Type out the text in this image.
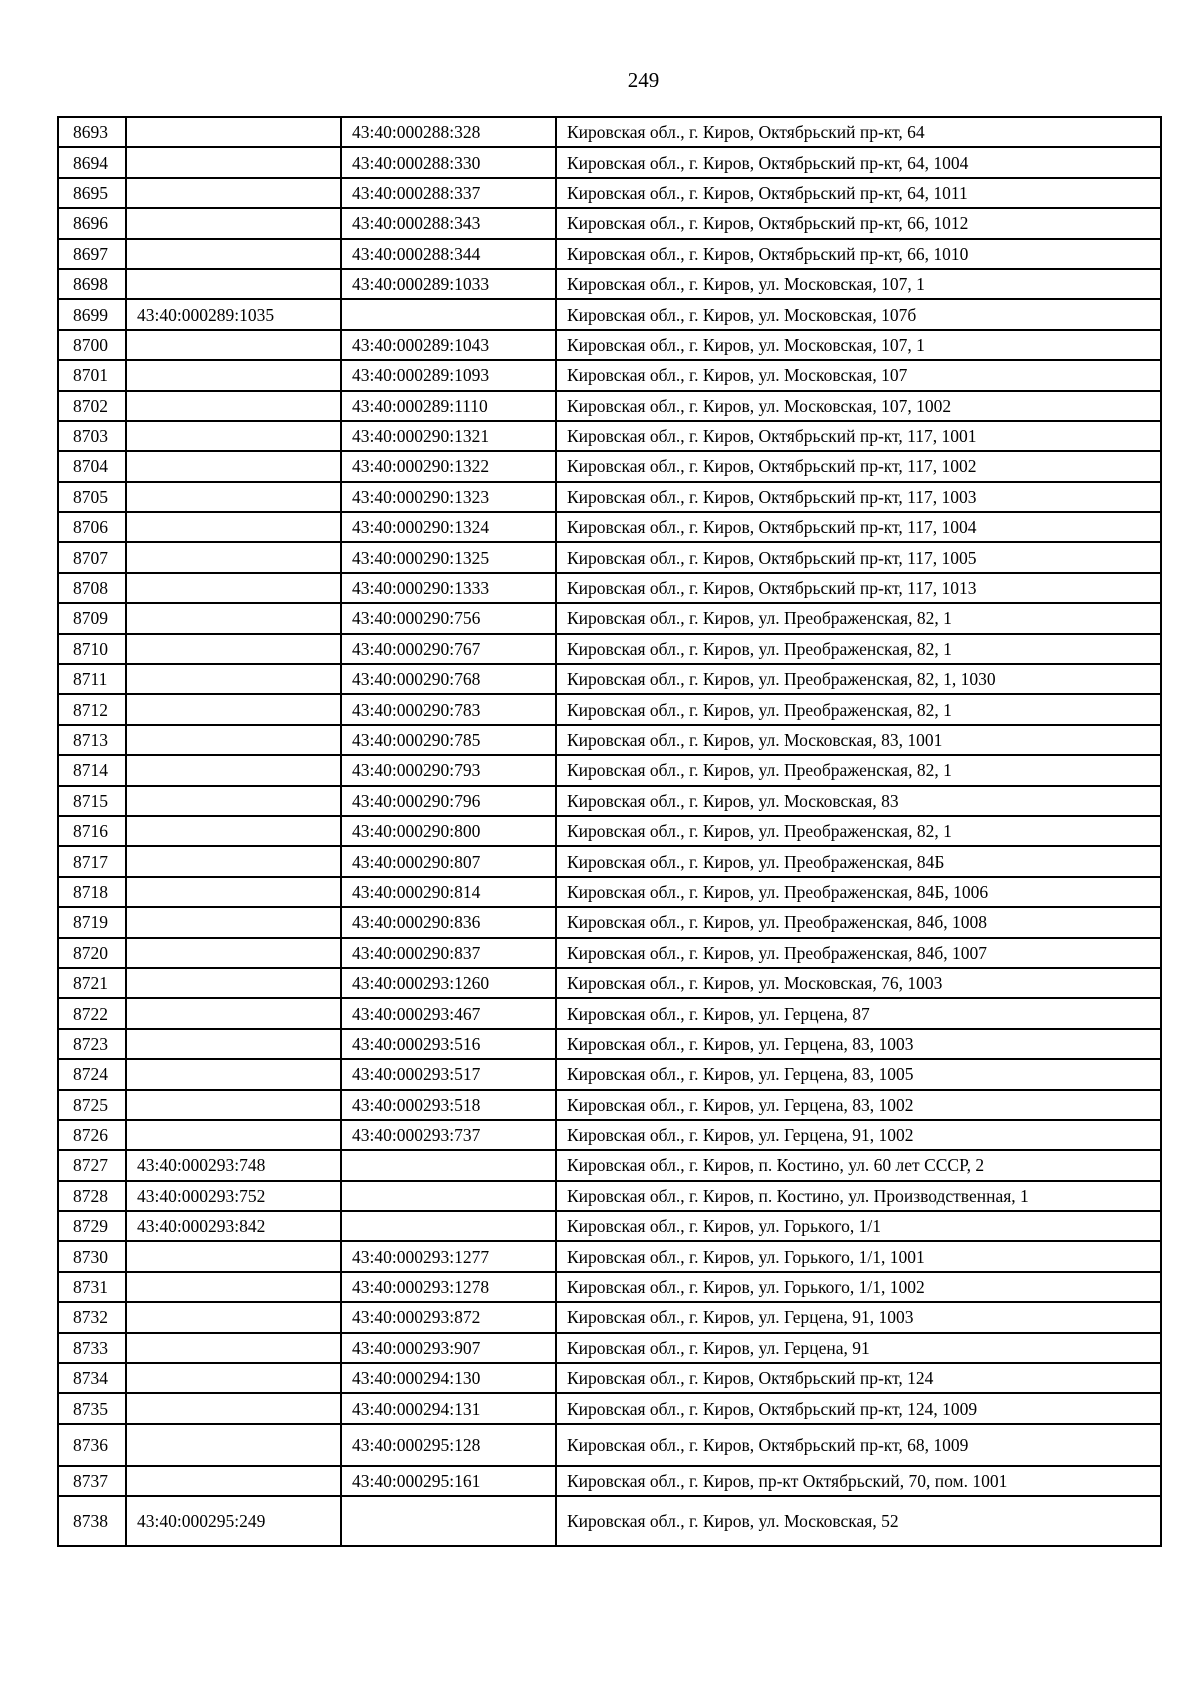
249
8693		43:40:000288:328	Кировская обл., г. Киров, Октябрьский пр-кт, 64
8694		43:40:000288:330	Кировская обл., г. Киров, Октябрьский пр-кт, 64, 1004
8695		43:40:000288:337	Кировская обл., г. Киров, Октябрьский пр-кт, 64, 1011
8696		43:40:000288:343	Кировская обл., г. Киров, Октябрьский пр-кт, 66, 1012
8697		43:40:000288:344	Кировская обл., г. Киров, Октябрьский пр-кт, 66, 1010
8698		43:40:000289:1033	Кировская обл., г. Киров, ул. Московская, 107, 1
8699	43:40:000289:1035		Кировская обл., г. Киров, ул. Московская, 107б
8700		43:40:000289:1043	Кировская обл., г. Киров, ул. Московская, 107, 1
8701		43:40:000289:1093	Кировская обл., г. Киров, ул. Московская, 107
8702		43:40:000289:1110	Кировская обл., г. Киров, ул. Московская, 107, 1002
8703		43:40:000290:1321	Кировская обл., г. Киров, Октябрьский пр-кт, 117, 1001
8704		43:40:000290:1322	Кировская обл., г. Киров, Октябрьский пр-кт, 117, 1002
8705		43:40:000290:1323	Кировская обл., г. Киров, Октябрьский пр-кт, 117, 1003
8706		43:40:000290:1324	Кировская обл., г. Киров, Октябрьский пр-кт, 117, 1004
8707		43:40:000290:1325	Кировская обл., г. Киров, Октябрьский пр-кт, 117, 1005
8708		43:40:000290:1333	Кировская обл., г. Киров, Октябрьский пр-кт, 117, 1013
8709		43:40:000290:756	Кировская обл., г. Киров, ул. Преображенская, 82, 1
8710		43:40:000290:767	Кировская обл., г. Киров, ул. Преображенская, 82, 1
8711		43:40:000290:768	Кировская обл., г. Киров, ул. Преображенская, 82, 1, 1030
8712		43:40:000290:783	Кировская обл., г. Киров, ул. Преображенская, 82, 1
8713		43:40:000290:785	Кировская обл., г. Киров, ул. Московская, 83, 1001
8714		43:40:000290:793	Кировская обл., г. Киров, ул. Преображенская, 82, 1
8715		43:40:000290:796	Кировская обл., г. Киров, ул. Московская, 83
8716		43:40:000290:800	Кировская обл., г. Киров, ул. Преображенская, 82, 1
8717		43:40:000290:807	Кировская обл., г. Киров, ул. Преображенская, 84Б
8718		43:40:000290:814	Кировская обл., г. Киров, ул. Преображенская, 84Б, 1006
8719		43:40:000290:836	Кировская обл., г. Киров, ул. Преображенская, 84б, 1008
8720		43:40:000290:837	Кировская обл., г. Киров, ул. Преображенская, 84б, 1007
8721		43:40:000293:1260	Кировская обл., г. Киров, ул. Московская, 76, 1003
8722		43:40:000293:467	Кировская обл., г. Киров, ул. Герцена, 87
8723		43:40:000293:516	Кировская обл., г. Киров, ул. Герцена, 83, 1003
8724		43:40:000293:517	Кировская обл., г. Киров, ул. Герцена, 83, 1005
8725		43:40:000293:518	Кировская обл., г. Киров, ул. Герцена, 83, 1002
8726		43:40:000293:737	Кировская обл., г. Киров, ул. Герцена, 91, 1002
8727	43:40:000293:748		Кировская обл., г. Киров, п. Костино, ул. 60 лет СССР, 2
8728	43:40:000293:752		Кировская обл., г. Киров, п. Костино, ул. Производственная, 1
8729	43:40:000293:842		Кировская обл., г. Киров, ул. Горького, 1/1
8730		43:40:000293:1277	Кировская обл., г. Киров, ул. Горького, 1/1, 1001
8731		43:40:000293:1278	Кировская обл., г. Киров, ул. Горького, 1/1, 1002
8732		43:40:000293:872	Кировская обл., г. Киров, ул. Герцена, 91, 1003
8733		43:40:000293:907	Кировская обл., г. Киров, ул. Герцена, 91
8734		43:40:000294:130	Кировская обл., г. Киров, Октябрьский пр-кт, 124
8735		43:40:000294:131	Кировская обл., г. Киров, Октябрьский пр-кт, 124, 1009
8736		43:40:000295:128	Кировская обл., г. Киров, Октябрьский пр-кт, 68, 1009
8737		43:40:000295:161	Кировская обл., г. Киров, пр-кт Октябрьский, 70, пом. 1001
8738	43:40:000295:249		Кировская обл., г. Киров, ул. Московская, 52
